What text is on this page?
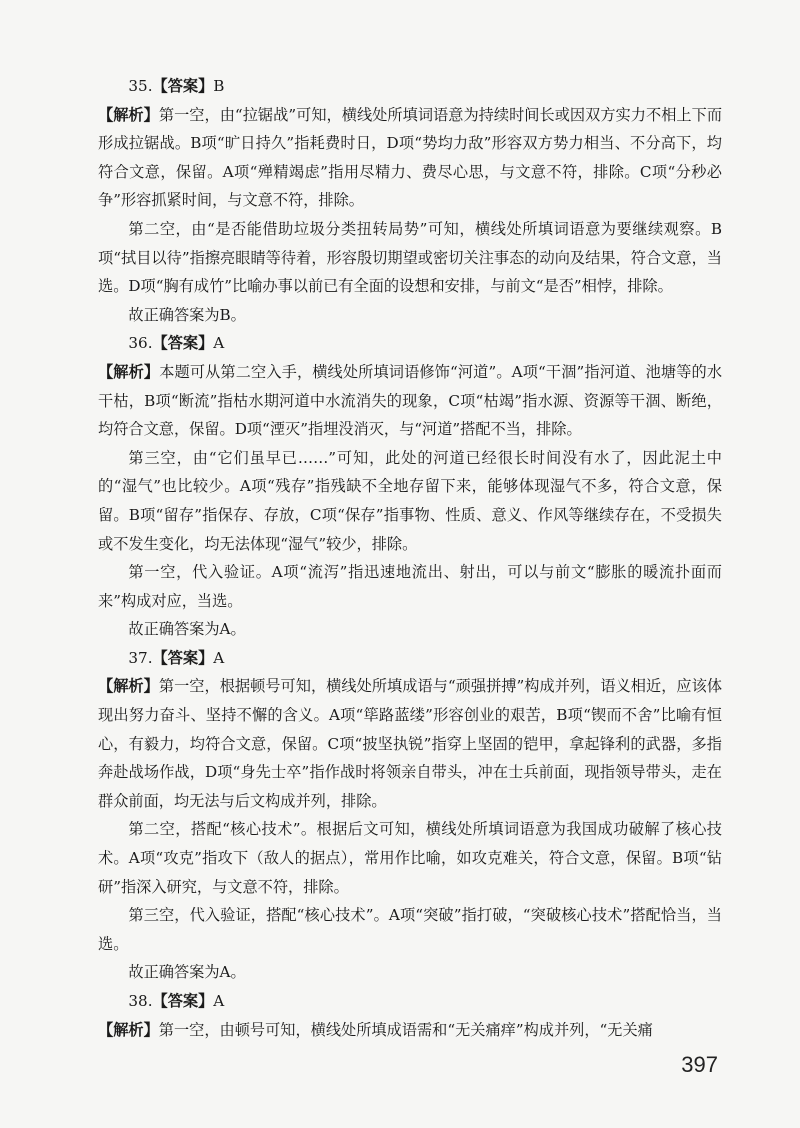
35.【答案】B

【解析】第一空，由“拉锯战”可知，横线处所填词语意为持续时间长或因双方实力不相上下而形成拉锯战。B项“旷日持久”指耗费时日，D项“势均力敌”形容双方势力相当、不分高下，均符合文意，保留。A项“殚精竭虑”指用尽精力、费尽心思，与文意不符，排除。C项“分秒必争”形容抓紧时间，与文意不符，排除。

第二空，由“是否能借助垃圾分类扭转局势”可知，横线处所填词语意为要继续观察。B项“拭目以待”指擦亮眼睛等待着，形容殷切期望或密切关注事态的动向及结果，符合文意，当选。D项“胸有成竹”比喻办事以前已有全面的设想和安排，与前文“是否”相悖，排除。

故正确答案为B。

36.【答案】A

【解析】本题可从第二空入手，横线处所填词语修饰“河道”。A项“干涸”指河道、池塘等的水干枯，B项“断流”指枯水期河道中水流消失的现象，C项“枯竭”指水源、资源等干涸、断绝，均符合文意，保留。D项“湮灭”指埋没消灭，与“河道”搭配不当，排除。

第三空，由“它们虽早已……”可知，此处的河道已经很长时间没有水了，因此泥土中的“湿气”也比较少。A项“残存”指残缺不全地存留下来，能够体现湿气不多，符合文意，保留。B项“留存”指保存、存放，C项“保存”指事物、性质、意义、作风等继续存在，不受损失或不发生变化，均无法体现“湿气”较少，排除。

第一空，代入验证。A项“流泻”指迅速地流出、射出，可以与前文“膨胀的暖流扑面而来”构成对应，当选。

故正确答案为A。

37.【答案】A

【解析】第一空，根据顿号可知，横线处所填成语与“顽强拼搏”构成并列，语义相近，应该体现出努力奋斗、坚持不懈的含义。A项“筚路蓝缕”形容创业的艰苦，B项“锲而不舍”比喻有恒心，有毅力，均符合文意，保留。C项“披坚执锐”指穿上坚固的铠甲，拿起锋利的武器，多指奔赴战场作战，D项“身先士卒”指作战时将领亲自带头，冲在士兵前面，现指领导带头，走在群众前面，均无法与后文构成并列，排除。

第二空，搭配“核心技术”。根据后文可知，横线处所填词语意为我国成功破解了核心技术。A项“攻克”指攻下（敌人的据点），常用作比喻，如攻克难关，符合文意，保留。B项“钻研”指深入研究，与文意不符，排除。

第三空，代入验证，搭配“核心技术”。A项“突破”指打破，“突破核心技术”搭配恰当，当选。

故正确答案为A。

38.【答案】A

【解析】第一空，由顿号可知，横线处所填成语需和“无关痛痒”构成并列，“无关痛

397
